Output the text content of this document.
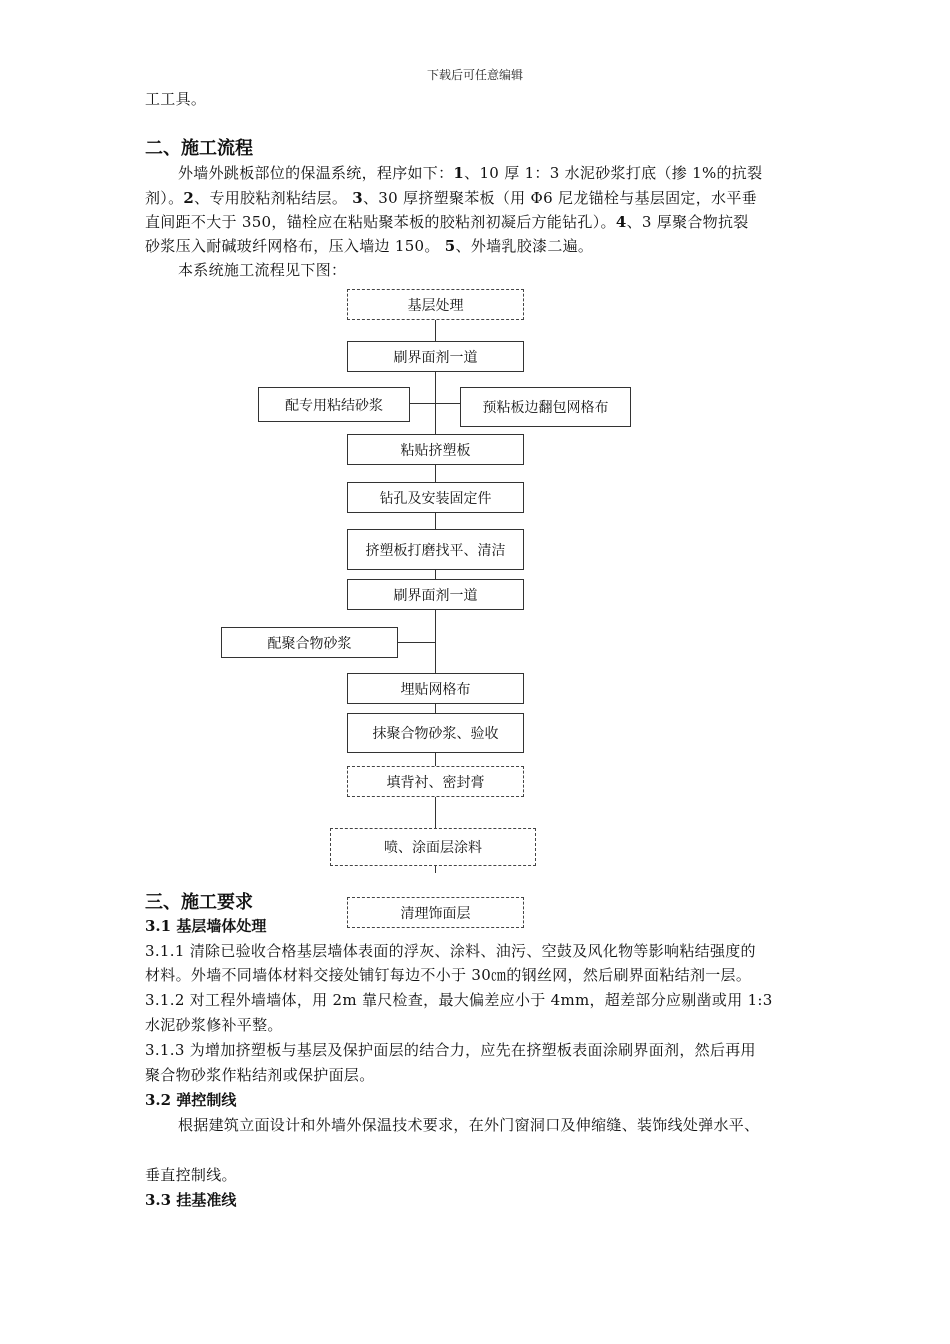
下载后可任意编辑
工工具。
二、施工流程
外墙外跳板部位的保温系统，程序如下：1、10 厚 1：3 水泥砂浆打底（掺 1%的抗裂
剂）。2、专用胶粘剂粘结层。 3、30 厚挤塑聚苯板（用 Φ6 尼龙锚栓与基层固定，水平垂
直间距不大于 350，锚栓应在粘贴聚苯板的胶粘剂初凝后方能钻孔）。4、3 厚聚合物抗裂
砂浆压入耐碱玻纤网格布，压入墙边 150。 5、外墙乳胶漆二遍。
本系统施工流程见下图：
基层处理
刷界面剂一道
配专用粘结砂浆	预粘板边翻包网格布
粘贴挤塑板
钻孔及安装固定件
挤塑板打磨找平、清洁
刷界面剂一道
配聚合物砂浆
埋贴网格布
抹聚合物砂浆、验收
填背衬、密封膏
喷、涂面层涂料
清理饰面层
三、施工要求
3.1 基层墙体处理
3.1.1 清除已验收合格基层墙体表面的浮灰、涂料、油污、空鼓及风化物等影响粘结强度的
材料。外墙不同墙体材料交接处铺钉每边不小于 30㎝的钢丝网，然后刷界面粘结剂一层。
3.1.2 对工程外墙墙体，用 2m 靠尺检查，最大偏差应小于 4mm，超差部分应剔凿或用 1:3
水泥砂浆修补平整。
3.1.3 为增加挤塑板与基层及保护面层的结合力，应先在挤塑板表面涂刷界面剂，然后再用
聚合物砂浆作粘结剂或保护面层。
3.2 弹控制线
根据建筑立面设计和外墙外保温技术要求，在外门窗洞口及伸缩缝、装饰线处弹水平、
垂直控制线。
3.3 挂基准线
